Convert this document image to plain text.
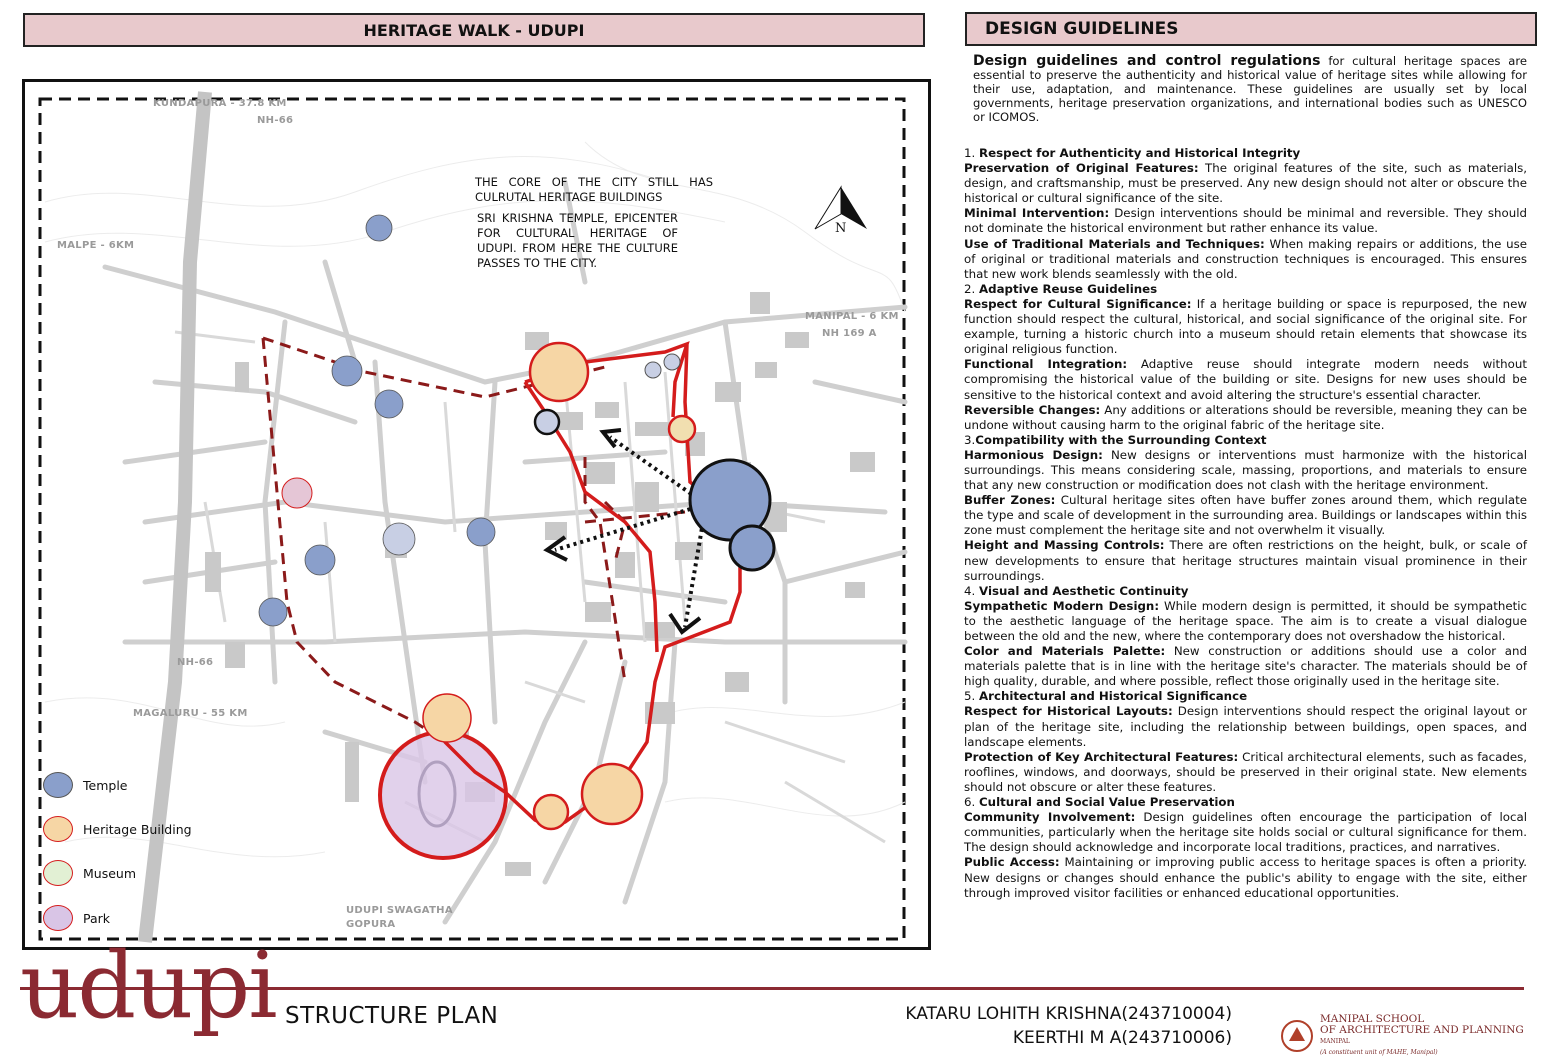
HERITAGE WALK - UDUPI	DESIGN GUIDELINES
KUNDAPURA - 37.8 KM
NH-66
MALPE - 6KM
MANIPAL - 6 KM
NH 169 A
NH-66
MAGALURU - 55 KM
UDUPI SWAGATHA
GOPURA
N
THE CORE OF THE CITY STILL HAS CULRUTAL HERITAGE BUILDINGS
SRI KRISHNA TEMPLE, EPICENTER FOR CULTURAL HERITAGE OF UDUPI. FROM HERE THE CULTURE PASSES TO THE CITY.
Temple
Heritage Building
Museum
Park

Design guidelines and control regulations for cultural heritage spaces are essential to preserve the authenticity and historical value of heritage sites while allowing for their use, adaptation, and maintenance. These guidelines are usually set by local governments, heritage preservation organizations, and international bodies such as UNESCO or ICOMOS.

1. Respect for Authenticity and Historical Integrity
Preservation of Original Features: The original features of the site, such as materials, design, and craftsmanship, must be preserved. Any new design should not alter or obscure the historical or cultural significance of the site.
Minimal Intervention: Design interventions should be minimal and reversible. They should not dominate the historical environment but rather enhance its value.
Use of Traditional Materials and Techniques: When making repairs or additions, the use of original or traditional materials and construction techniques is encouraged. This ensures that new work blends seamlessly with the old.
2. Adaptive Reuse Guidelines
Respect for Cultural Significance: If a heritage building or space is repurposed, the new function should respect the cultural, historical, and social significance of the original site. For example, turning a historic church into a museum should retain elements that showcase its original religious function.
Functional Integration: Adaptive reuse should integrate modern needs without compromising the historical value of the building or site. Designs for new uses should be sensitive to the historical context and avoid altering the structure's essential character.
Reversible Changes: Any additions or alterations should be reversible, meaning they can be undone without causing harm to the original fabric of the heritage site.
3.Compatibility with the Surrounding Context
Harmonious Design: New designs or interventions must harmonize with the historical surroundings. This means considering scale, massing, proportions, and materials to ensure that any new construction or modification does not clash with the heritage environment.
Buffer Zones: Cultural heritage sites often have buffer zones around them, which regulate the type and scale of development in the surrounding area. Buildings or landscapes within this zone must complement the heritage site and not overwhelm it visually.
Height and Massing Controls: There are often restrictions on the height, bulk, or scale of new developments to ensure that heritage structures maintain visual prominence in their surroundings.
4. Visual and Aesthetic Continuity
Sympathetic Modern Design: While modern design is permitted, it should be sympathetic to the aesthetic language of the heritage space. The aim is to create a visual dialogue between the old and the new, where the contemporary does not overshadow the historical.
Color and Materials Palette: New construction or additions should use a color and materials palette that is in line with the heritage site's character. The materials should be of high quality, durable, and where possible, reflect those originally used in the heritage site.
5. Architectural and Historical Significance
Respect for Historical Layouts: Design interventions should respect the original layout or plan of the heritage site, including the relationship between buildings, open spaces, and landscape elements.
Protection of Key Architectural Features: Critical architectural elements, such as facades, rooflines, windows, and doorways, should be preserved in their original state. New elements should not obscure or alter these features.
6. Cultural and Social Value Preservation
Community Involvement: Design guidelines often encourage the participation of local communities, particularly when the heritage site holds social or cultural significance for them. The design should acknowledge and incorporate local traditions, practices, and narratives.
Public Access: Maintaining or improving public access to heritage spaces is often a priority. New designs or changes should enhance the public's ability to engage with the site, either through improved visitor facilities or enhanced educational opportunities.
udupi STRUCTURE PLAN	KATARU LOHITH KRISHNA(243710004)
KEERTHI M A(243710006)
MANIPAL SCHOOL
OF ARCHITECTURE AND PLANNING
MANIPAL
(A constituent unit of MAHE, Manipal)
